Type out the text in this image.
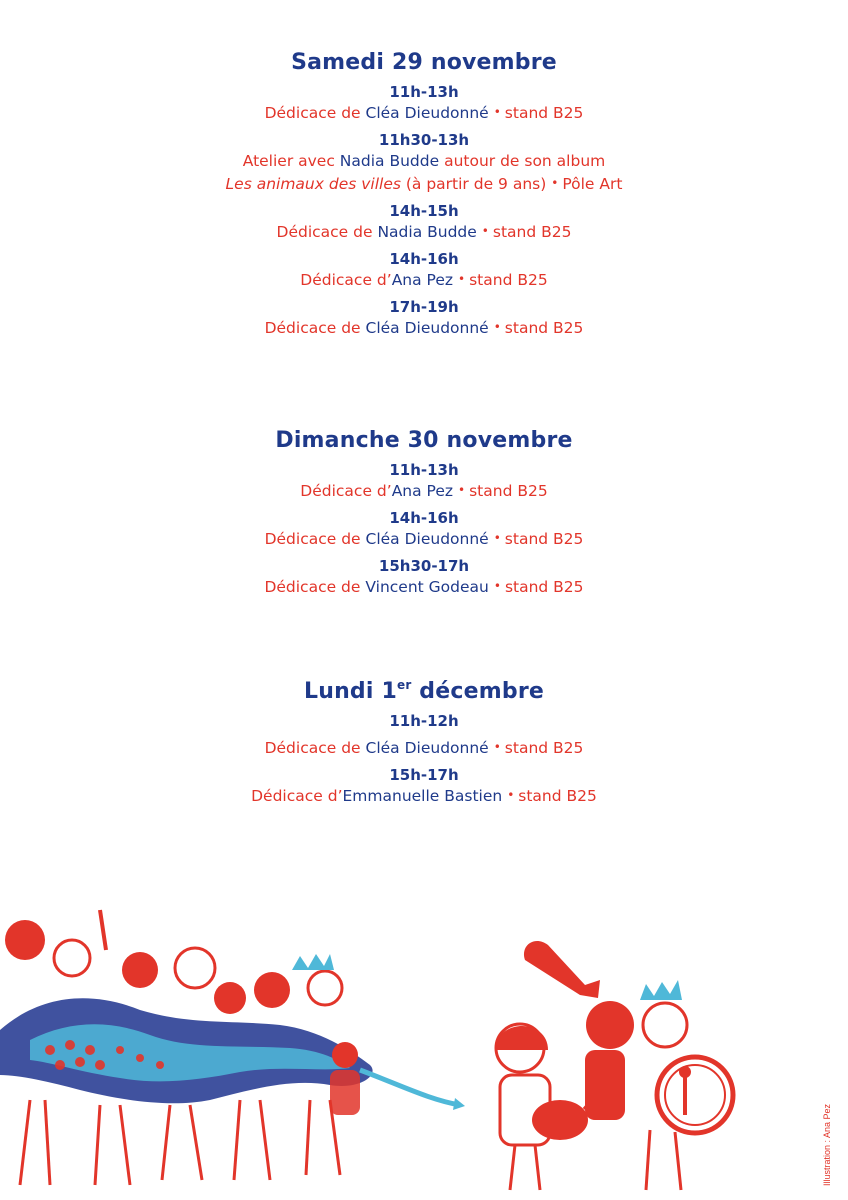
Samedi 29 novembre

11h-13h

Dédicace de Cléa Dieudonné • stand B25

11h30-13h

Atelier avec Nadia Budde autour de son album

Les animaux des villes (à partir de 9 ans) • Pôle Art

14h-15h

Dédicace de Nadia Budde • stand B25

14h-16h

Dédicace d’Ana Pez • stand B25

17h-19h

Dédicace de Cléa Dieudonné • stand B25

Dimanche 30 novembre

11h-13h

Dédicace d’Ana Pez • stand B25

14h-16h

Dédicace de Cléa Dieudonné • stand B25

15h30-17h

Dédicace de Vincent Godeau • stand B25

Lundi 1er décembre

11h-12h

Dédicace de Cléa Dieudonné • stand B25

15h-17h

Dédicace d’Emmanuelle Bastien • stand B25

Illustration : Ana Pez
